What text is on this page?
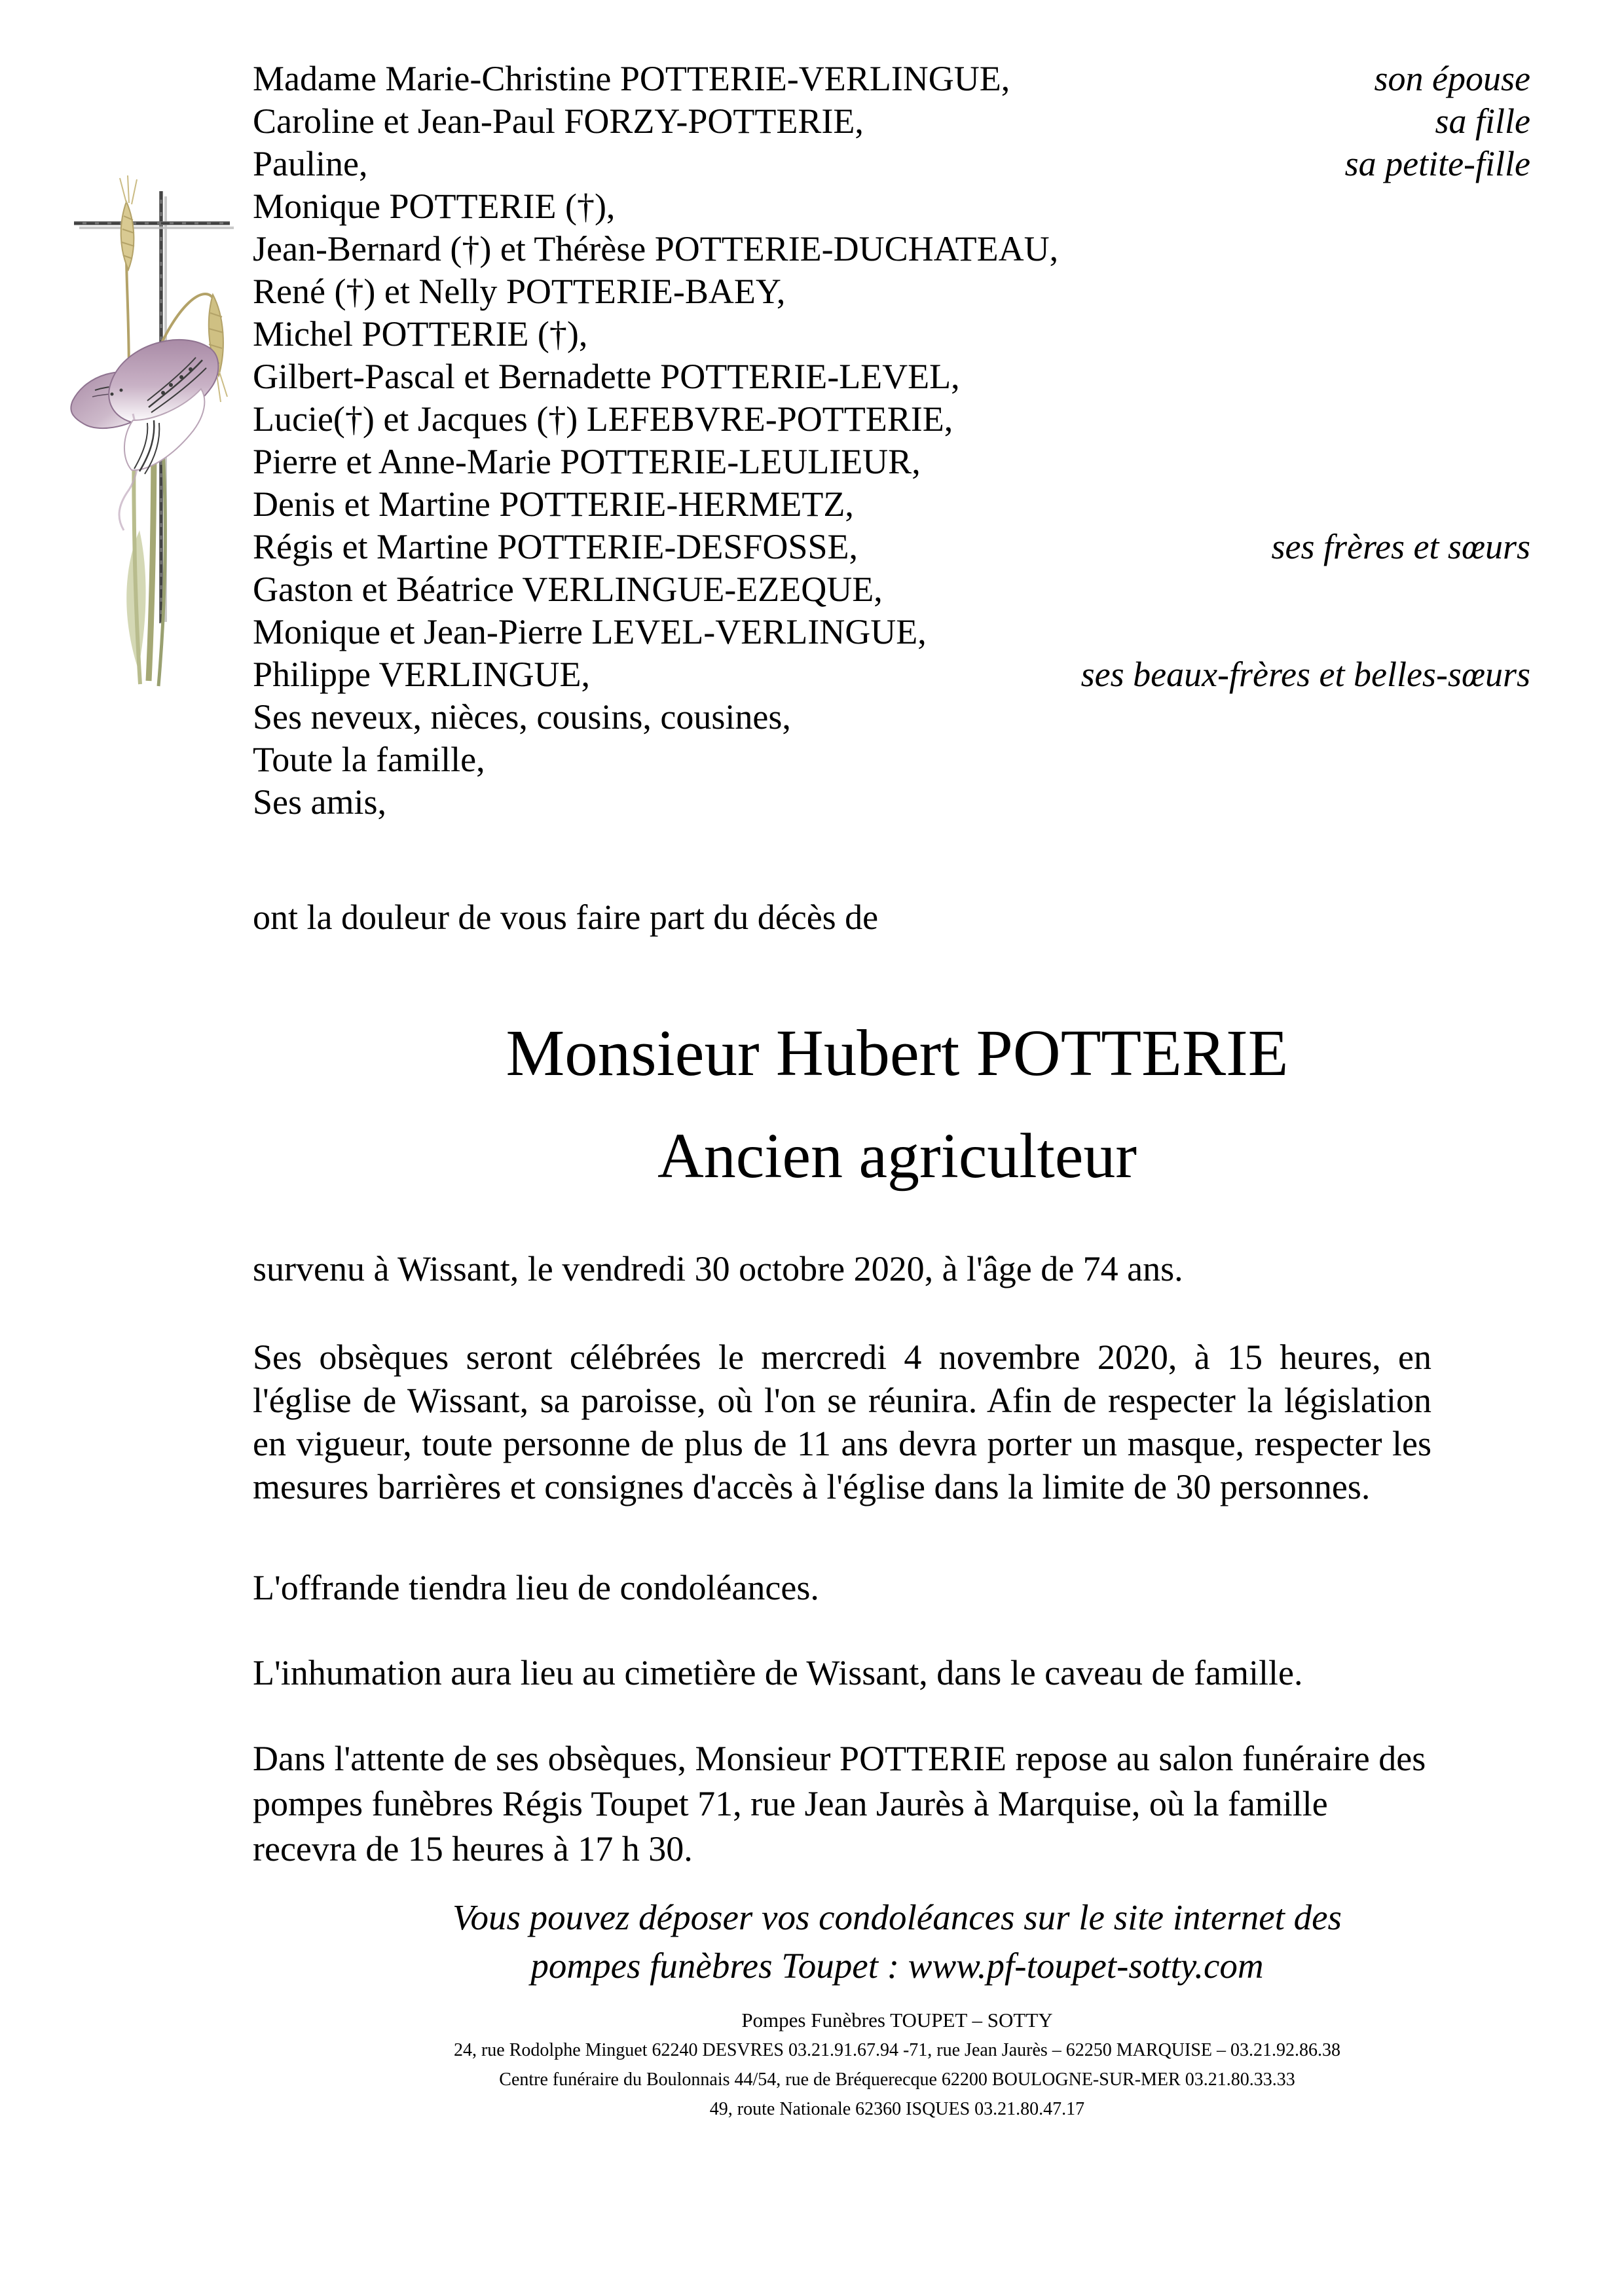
Madame Marie-Christine POTTERIE-VERLINGUE,	son épouse
Caroline et Jean-Paul FORZY-POTTERIE,	sa fille
Pauline,	sa petite-fille
Monique POTTERIE (†),
Jean-Bernard (†) et Thérèse POTTERIE-DUCHATEAU,
René (†) et Nelly POTTERIE-BAEY,
Michel POTTERIE (†),
Gilbert-Pascal et Bernadette POTTERIE-LEVEL,
Lucie(†) et Jacques (†) LEFEBVRE-POTTERIE,
Pierre et Anne-Marie POTTERIE-LEULIEUR,
Denis et Martine POTTERIE-HERMETZ,
Régis et Martine POTTERIE-DESFOSSE,	ses frères et sœurs
Gaston et Béatrice VERLINGUE-EZEQUE,
Monique et Jean-Pierre LEVEL-VERLINGUE,
Philippe VERLINGUE,	ses beaux-frères et belles-sœurs
Ses neveux, nièces, cousins, cousines,
Toute la famille,
Ses amis,
ont la douleur de vous faire part du décès de
Monsieur Hubert POTTERIE
Ancien agriculteur

survenu à Wissant, le vendredi 30 octobre 2020, à l'âge de 74 ans.

Ses obsèques seront célébrées le mercredi 4 novembre 2020, à 15 heures, en l'église de Wissant, sa paroisse, où l'on se réunira. Afin de respecter la législation en vigueur, toute personne de plus de 11 ans devra porter un masque, respecter les mesures barrières et consignes d'accès à l'église dans la limite de 30 personnes.

L'offrande tiendra lieu de condoléances.

L'inhumation aura lieu au cimetière de Wissant, dans le caveau de famille.

Dans l'attente de ses obsèques, Monsieur POTTERIE repose au salon funéraire des pompes funèbres Régis Toupet 71, rue Jean Jaurès à Marquise, où la famille recevra de 15 heures à 17 h 30.

Vous pouvez déposer vos condoléances sur le site internet des
pompes funèbres Toupet : www.pf-toupet-sotty.com
Pompes Funèbres TOUPET – SOTTY
24, rue Rodolphe Minguet 62240 DESVRES 03.21.91.67.94 -71, rue Jean Jaurès – 62250 MARQUISE – 03.21.92.86.38
Centre funéraire du Boulonnais 44/54, rue de Bréquerecque 62200 BOULOGNE-SUR-MER 03.21.80.33.33
49, route Nationale 62360 ISQUES 03.21.80.47.17
